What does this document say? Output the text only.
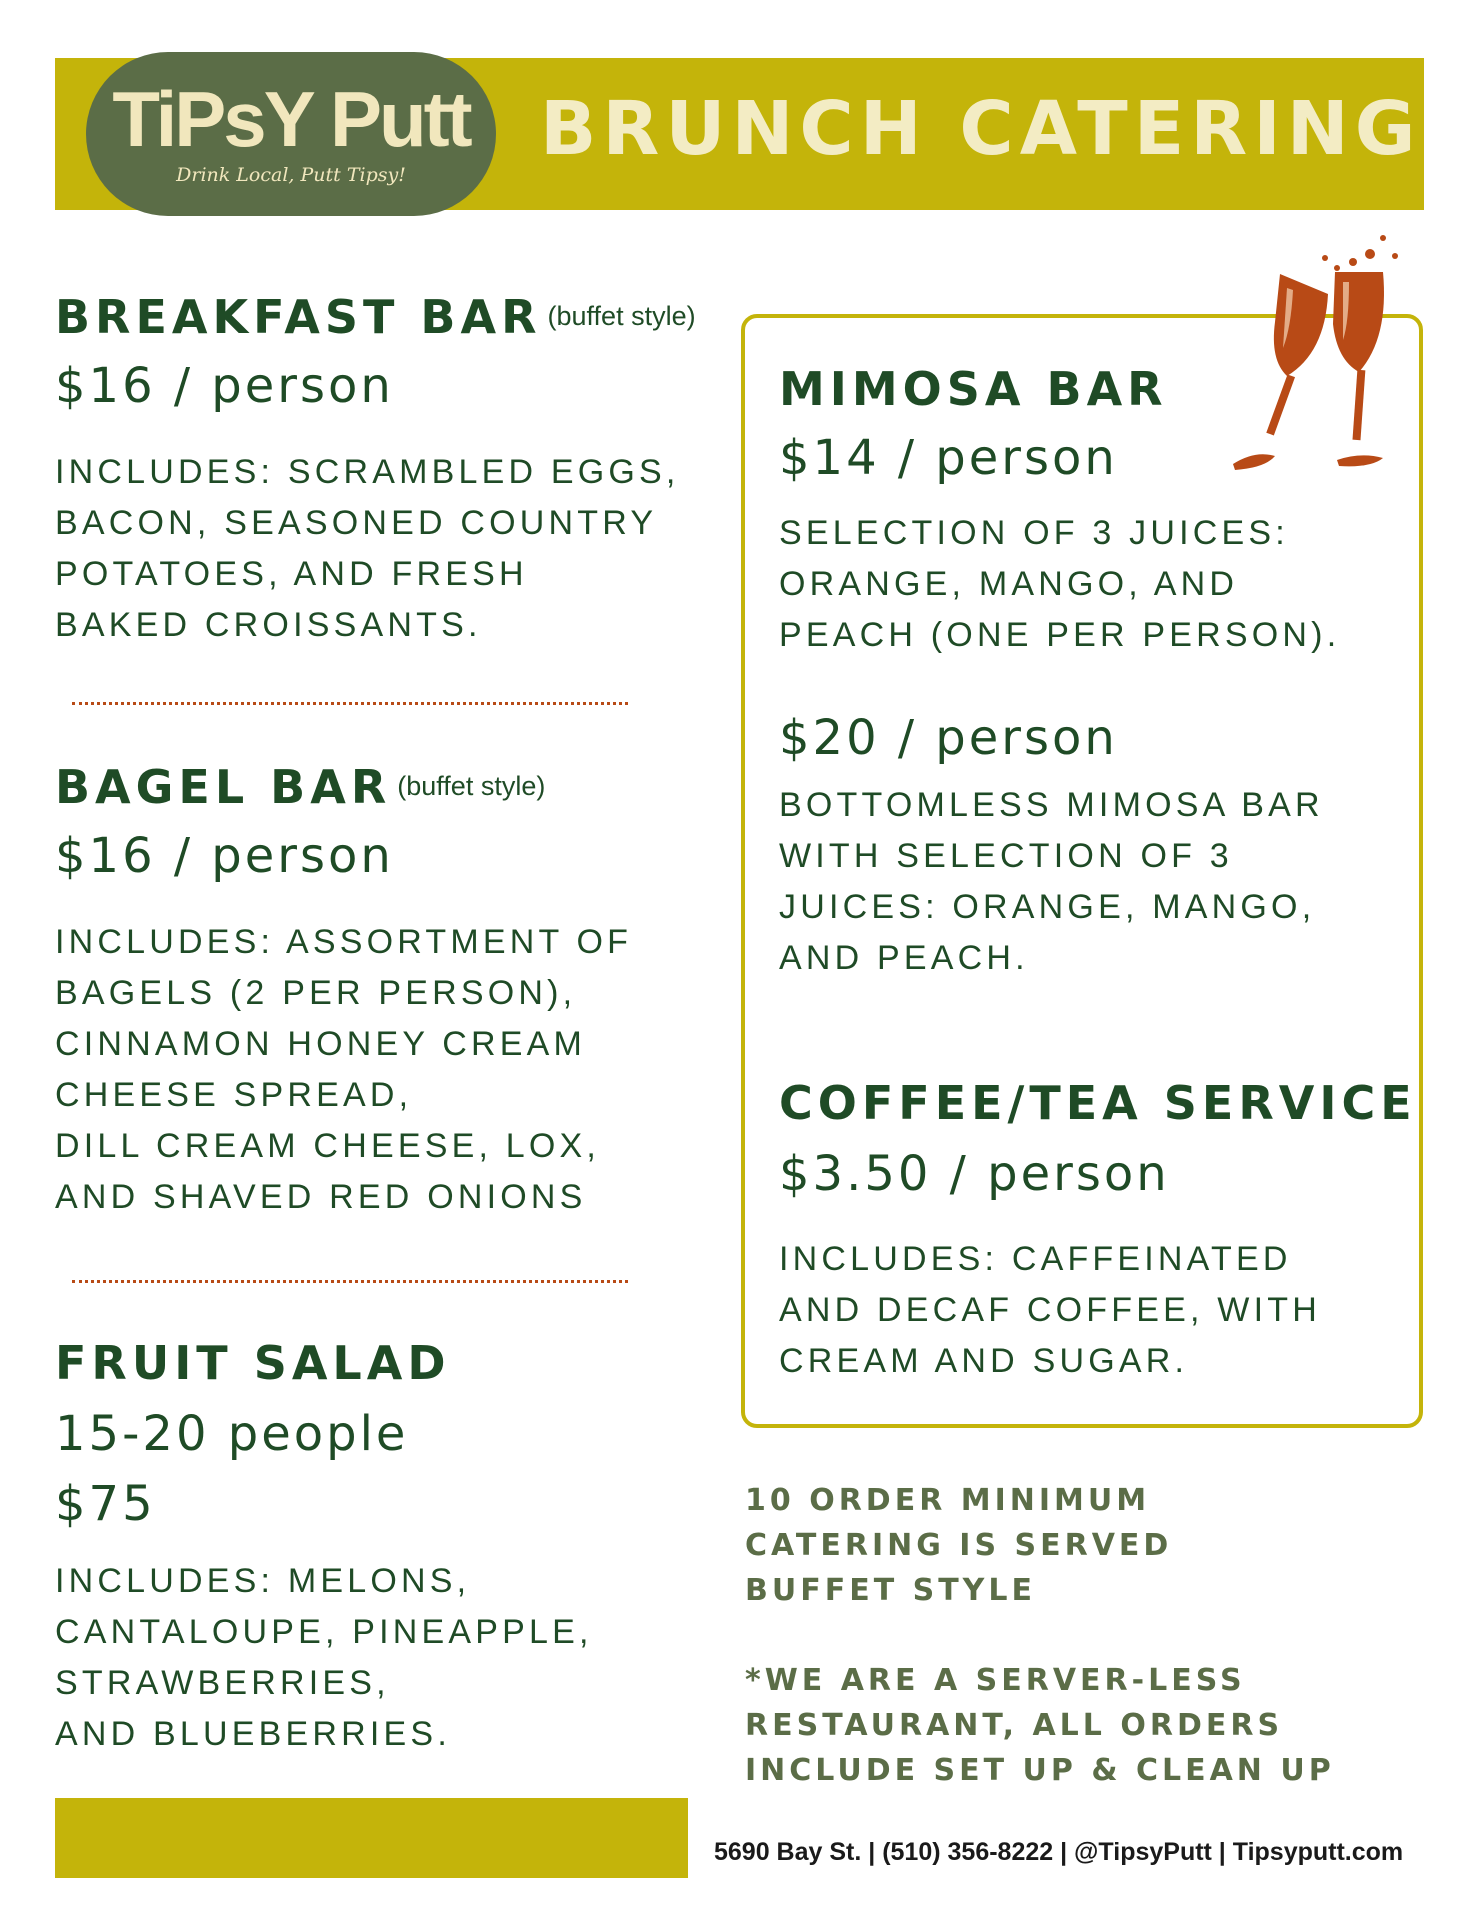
TiPsY Putt
Drink Local, Putt Tipsy!
BRUNCH CATERING
BREAKFAST BAR (buffet style)
$16 / person

INCLUDES: SCRAMBLED EGGS,
BACON, SEASONED COUNTRY
POTATOES, AND FRESH
BAKED CROISSANTS.

BAGEL BAR (buffet style)
$16 / person

INCLUDES: ASSORTMENT OF
BAGELS (2 PER PERSON),
CINNAMON HONEY CREAM
CHEESE SPREAD,
DILL CREAM CHEESE, LOX,
AND SHAVED RED ONIONS

FRUIT SALAD
15-20 people
$75

INCLUDES: MELONS,
CANTALOUPE, PINEAPPLE,
STRAWBERRIES,
AND BLUEBERRIES.

MIMOSA BAR
$14 / person

SELECTION OF 3 JUICES:
ORANGE, MANGO, AND
PEACH (ONE PER PERSON).

$20 / person

BOTTOMLESS MIMOSA BAR
WITH SELECTION OF 3
JUICES: ORANGE, MANGO,
AND PEACH.

COFFEE/TEA SERVICE
$3.50 / person

INCLUDES: CAFFEINATED
AND DECAF COFFEE, WITH
CREAM AND SUGAR.

10 ORDER MINIMUM
CATERING IS SERVED
BUFFET STYLE

*WE ARE A SERVER-LESS
RESTAURANT, ALL ORDERS
INCLUDE SET UP & CLEAN UP

5690 Bay St. | (510) 356-8222 | @TipsyPutt | Tipsyputt.com
